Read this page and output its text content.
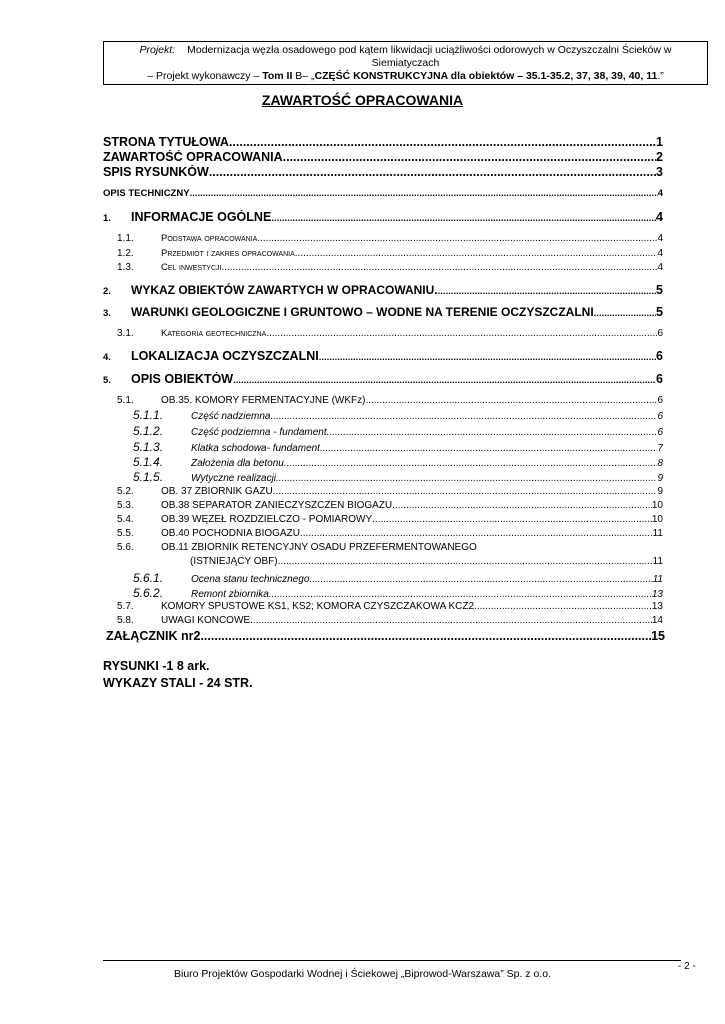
Projekt: Modernizacja węzła osadowego pod kątem likwidacji uciążliwości odorowych w Oczyszczalni Ścieków w
Siemiatyczach
– Projekt wykonawczy – Tom II B– „CZĘŚĆ KONSTRUKCYJNA dla obiektów – 35.1-35.2, 37, 38, 39, 40, 11.”
ZAWARTOŚĆ OPRACOWANIA
STRONA TYTUŁOWA .....	1
ZAWARTOŚĆ OPRACOWANIA .....	2
SPIS RYSUNKÓW .....	3
OPIS TECHNICZNY .....	4
1.	INFORMACJE OGÓLNE .....	4
1.1.	Podstawa opracowania .....	4
1.2.	Przedmiot i zakres opracowania .....	4
1.3.	Cel inwestycji .....	4
2.	WYKAZ OBIEKTÓW ZAWARTYCH W OPRACOWANIU. .....	5
3.	WARUNKI GEOLOGICZNE I GRUNTOWO – WODNE NA TERENIE OCZYSZCZALNI .....	5
3.1.	Kategoria geotechniczna .....	6
4.	LOKALIZACJA OCZYSZCZALNI .....	6
5.	OPIS OBIEKTÓW .....	6
5.1.	OB.35. KOMORY FERMENTACYJNE (WKFz) .....	6
5.1.1.	Część nadziemna. .....	6
5.1.2.	Część podziemna - fundament .....	6
5.1.3.	Klatka schodowa- fundament. .....	7
5.1.4.	Założenia dla betonu .....	8
5.1.5.	Wytyczne realizacji .....	9
5.2.	OB. 37 ZBIORNIK GAZU .....	9
5.3.	OB.38 SEPARATOR ZANIECZYSZCZEŃ BIOGAZU .....	10
5.4.	OB.39 WĘZEŁ ROZDZIELCZO - POMIAROWY .....	10
5.5.	OB.40 POCHODNIA BIOGAZU .....	11
5.6.	OB.11 ZBIORNIK RETENCYJNY OSADU PRZEFERMENTOWANEGO
(ISTNIEJĄCY OBF) .....	11
5.6.1.	Ocena stanu technicznego .....	11
5.6.2.	Remont zbiornika .....	13
5.7.	KOMORY SPUSTOWE KS1, KS2; KOMORA CZYSZCZAKOWA KCZ2 .....	13
5.8.	UWAGI KOŃCOWE .....	14
ZAŁĄCZNIK nr2 .....	15
RYSUNKI -1 8 ark.
WYKAZY STALI - 24 STR.
- 2 -
Biuro Projektów Gospodarki Wodnej i Ściekowej „Biprowod-Warszawa” Sp. z o.o.
